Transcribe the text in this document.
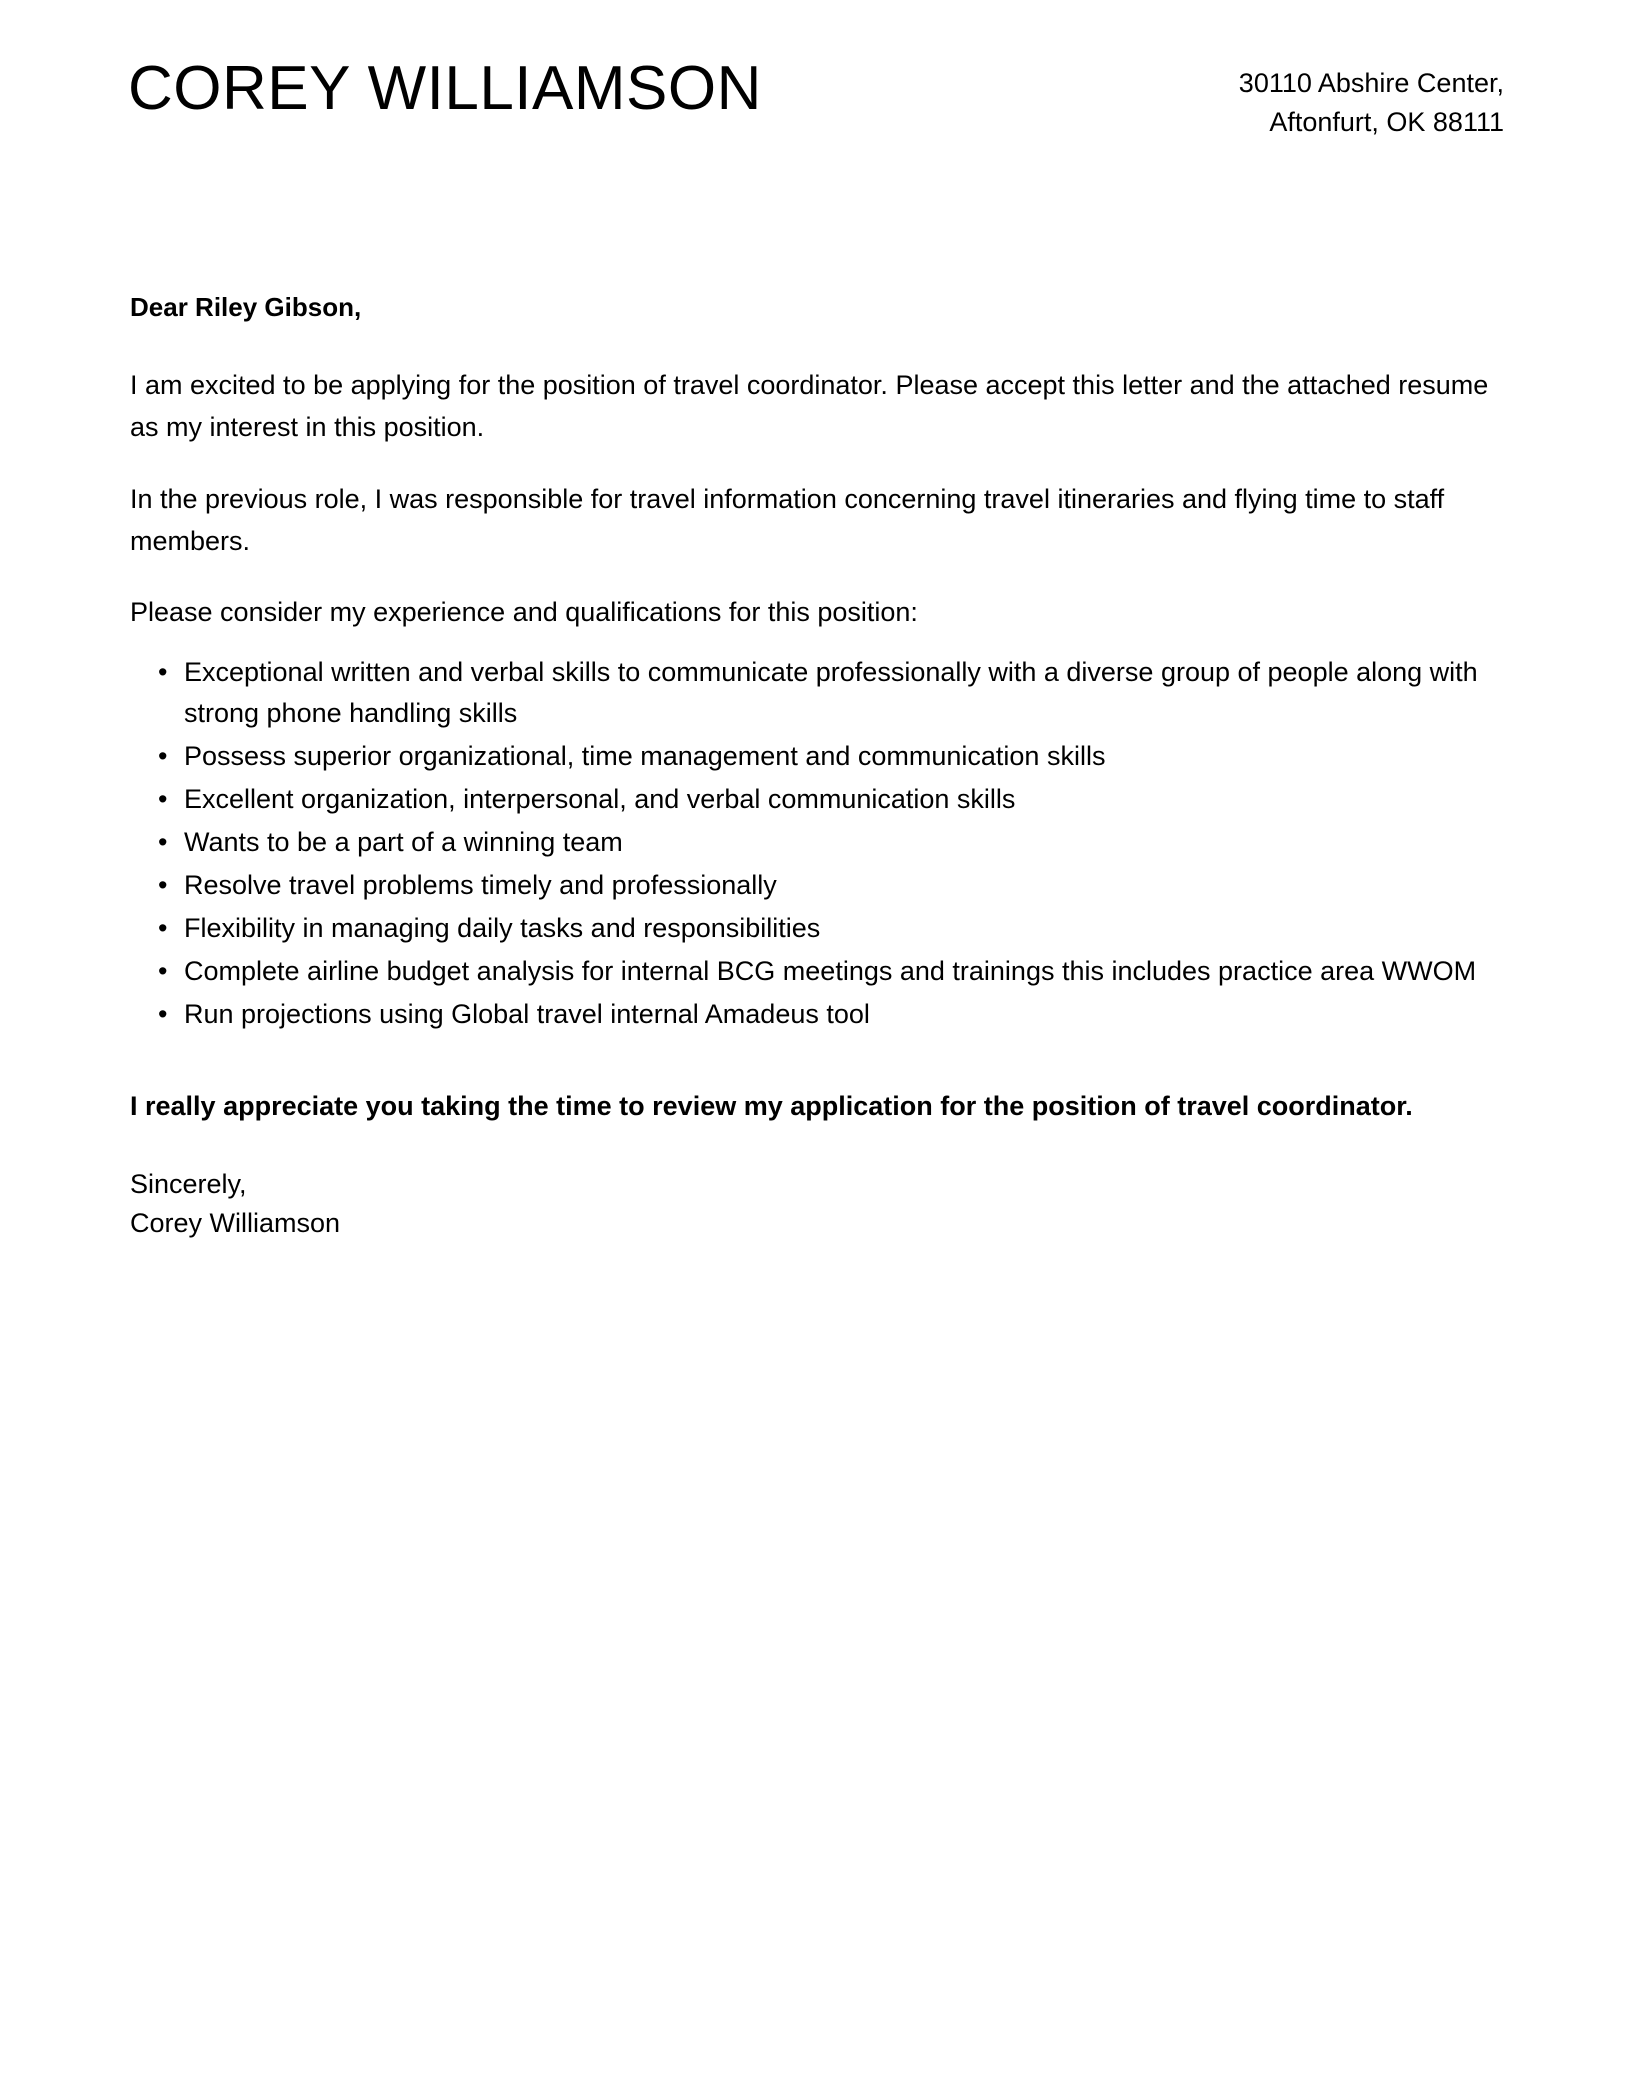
COREY WILLIAMSON	30110 Abshire Center,
Aftonfurt, OK 88111

Dear Riley Gibson,

I am excited to be applying for the position of travel coordinator. Please accept this letter and the attached resume as my interest in this position.

In the previous role, I was responsible for travel information concerning travel itineraries and flying time to staff members.

Please consider my experience and qualifications for this position:

• Exceptional written and verbal skills to communicate professionally with a diverse group of people along with strong phone handling skills
• Possess superior organizational, time management and communication skills
• Excellent organization, interpersonal, and verbal communication skills
• Wants to be a part of a winning team
• Resolve travel problems timely and professionally
• Flexibility in managing daily tasks and responsibilities
• Complete airline budget analysis for internal BCG meetings and trainings this includes practice area WWOM
• Run projections using Global travel internal Amadeus tool

I really appreciate you taking the time to review my application for the position of travel coordinator.

Sincerely,
Corey Williamson
